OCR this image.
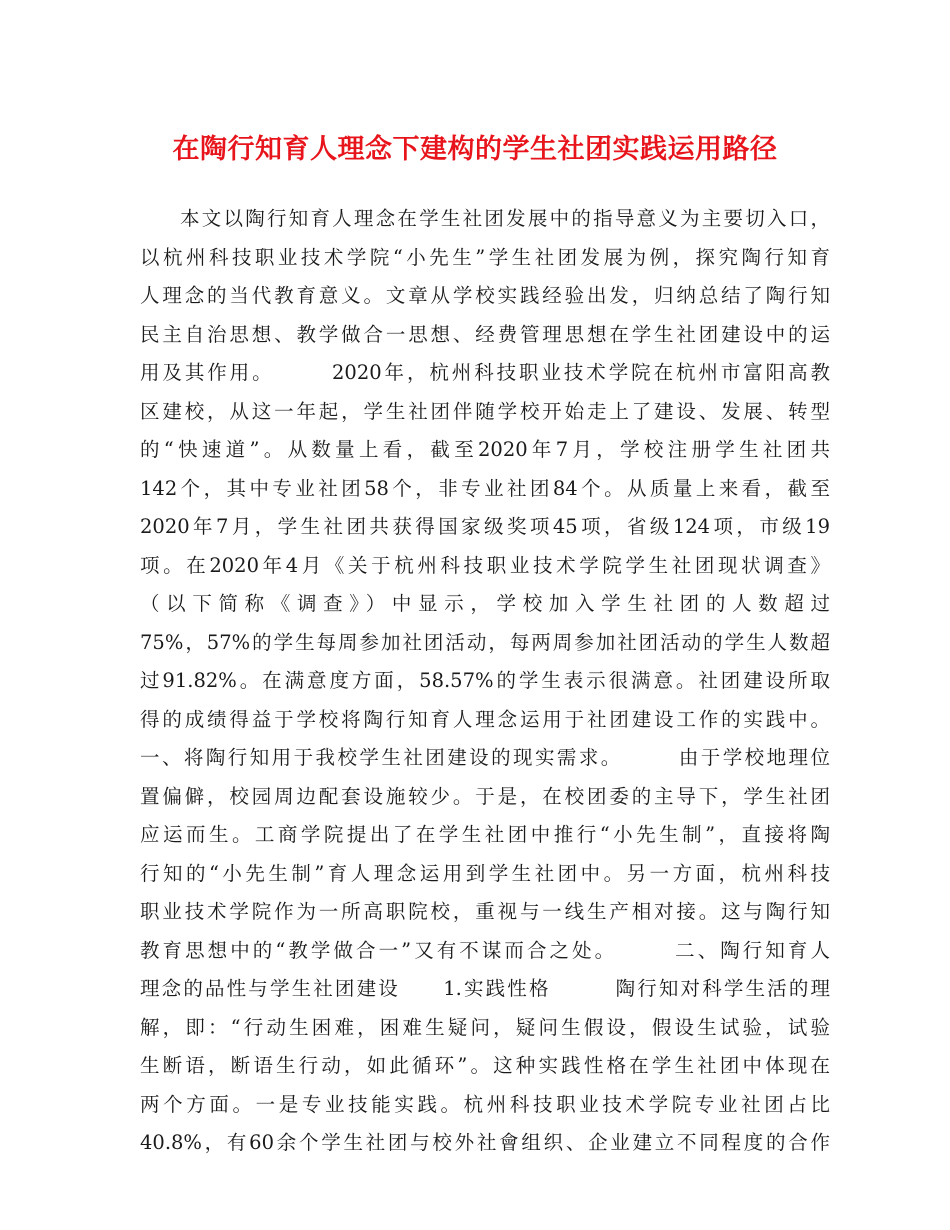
在陶行知育人理念下建构的学生社团实践运用路径
本文以陶行知育人理念在学生社团发展中的指导意义为主要切入口，
以杭州科技职业技术学院“小先生”学生社团发展为例，探究陶行知育
人理念的当代教育意义。文章从学校实践经验出发，归纳总结了陶行知
民主自治思想、教学做合一思想、经费管理思想在学生社团建设中的运
用及其作用。　　　2020年，杭州科技职业技术学院在杭州市富阳高教
区建校，从这一年起，学生社团伴随学校开始走上了建设、发展、转型
的“快速道”。从数量上看，截至2020年7月，学校注册学生社团共
142个，其中专业社团58个，非专业社团84个。从质量上来看，截至
2020年7月，学生社团共获得国家级奖项45项，省级124项，市级19
项。在2020年4月《关于杭州科技职业技术学院学生社团现状调查》
（以下简称《调查》）中显示，学校加入学生社团的人数超过
75%，57%的学生每周参加社团活动，每两周参加社团活动的学生人数超
过91.82%。在满意度方面，58.57%的学生表示很满意。社团建设所取
得的成绩得益于学校将陶行知育人理念运用于社团建设工作的实践中。
一、将陶行知用于我校学生社团建设的现实需求。　　　由于学校地理位
置偏僻，校园周边配套设施较少。于是，在校团委的主导下，学生社团
应运而生。工商学院提出了在学生社团中推行“小先生制”，直接将陶
行知的“小先生制”育人理念运用到学生社团中。另一方面，杭州科技
职业技术学院作为一所高职院校，重视与一线生产相对接。这与陶行知
教育思想中的“教学做合一”又有不谋而合之处。　　　二、陶行知育人
理念的品性与学生社团建设　　1.实践性格　　　陶行知对科学生活的理
解，即：“行动生困难，困难生疑问，疑问生假设，假设生试验，试验
生断语，断语生行动，如此循环”。这种实践性格在学生社团中体现在
两个方面。一是专业技能实践。杭州科技职业技术学院专业社团占比
40.8%，有60余个学生社团与校外社會组织、企业建立不同程度的合作
